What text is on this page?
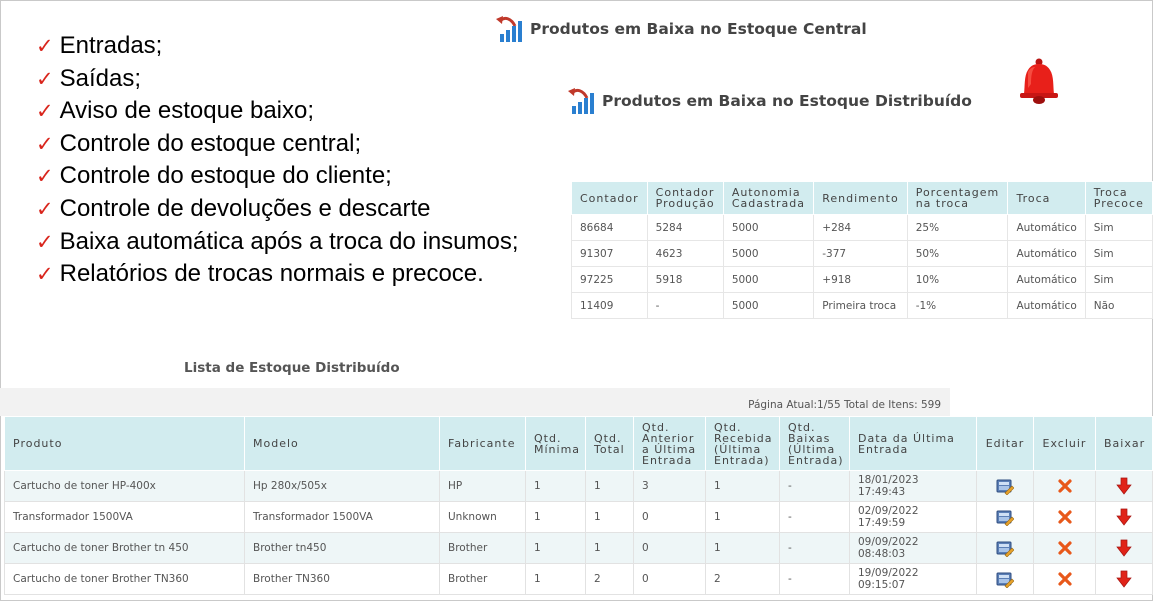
✓ Entradas;
✓ Saídas;
✓ Aviso de estoque baixo;
✓ Controle do estoque central;
✓ Controle do estoque do cliente;
✓ Controle de devoluções e descarte
✓ Baixa automática após a troca do insumos;
✓ Relatórios de trocas normais e precoce.
Produtos em Baixa no Estoque Central
Produtos em Baixa no Estoque Distribuído
Contador	Contador Produção	Autonomia Cadastrada	Rendimento	Porcentagem na troca	Troca	Troca Precoce
86684	5284	5000	+284	25%	Automático	Sim
91307	4623	5000	-377	50%	Automático	Sim
97225	5918	5000	+918	10%	Automático	Sim
11409	-	5000	Primeira troca	-1%	Automático	Não
Lista de Estoque Distribuído
Página Atual:1/55 Total de Itens: 599
Produto	Modelo	Fabricante	Qtd. Mínima	Qtd. Total	Qtd. Anterior a Última Entrada	Qtd. Recebida (Última Entrada)	Qtd. Baixas (Última Entrada)	Data da Última Entrada	Editar	Excluir	Baixar
Cartucho de toner HP-400x	Hp 280x/505x	HP	1	1	3	1	-	18/01/2023 17:49:43			
Transformador 1500VA	Transformador 1500VA	Unknown	1	1	0	1	-	02/09/2022 17:49:59			
Cartucho de toner Brother tn 450	Brother tn450	Brother	1	1	0	1	-	09/09/2022 08:48:03			
Cartucho de toner Brother TN360	Brother TN360	Brother	1	2	0	2	-	19/09/2022 09:15:07			
